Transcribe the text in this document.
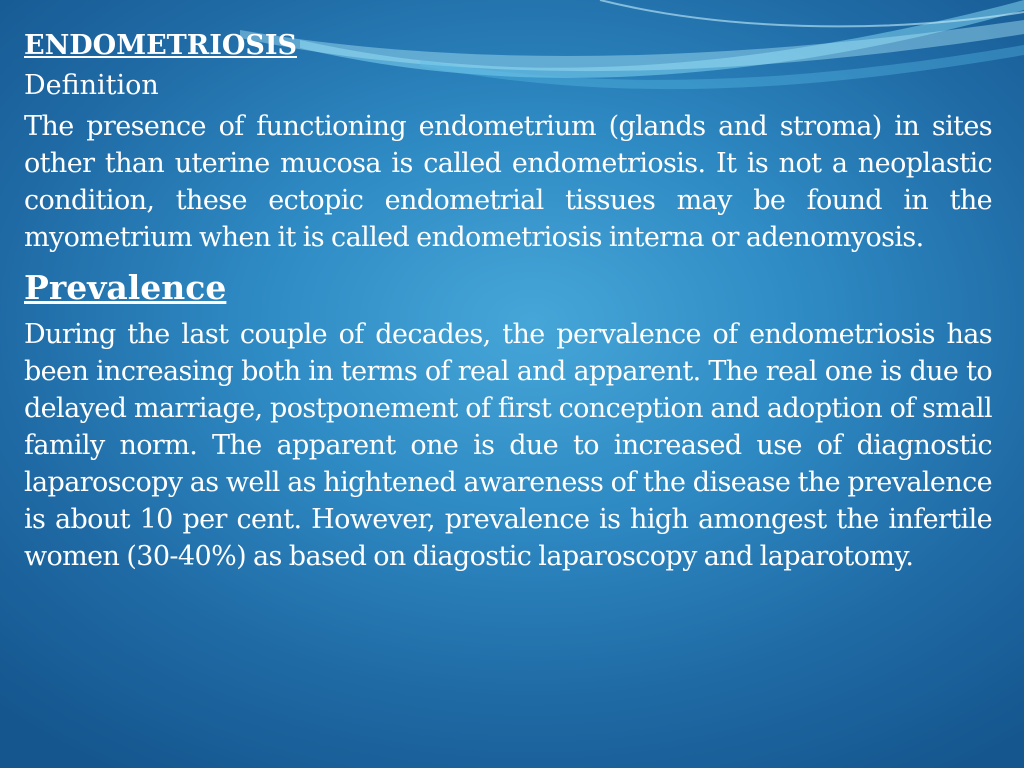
ENDOMETRIOSIS
Definition

The presence of functioning endometrium (glands and stroma) in sites other than uterine mucosa is called endometriosis. It is not a neoplastic condition, these ectopic endometrial tissues may be found in the myometrium when it is called endometriosis interna or adenomyosis.

Prevalence

During the last couple of decades, the pervalence of endometriosis has been increasing both in terms of real and apparent. The real one is due to delayed marriage, postponement of first conception and adoption of small family norm. The apparent one is due to increased use of diagnostic laparoscopy as well as hightened awareness of the disease the prevalence is about 10 per cent. However, prevalence is high amongest the infertile women (30-40%) as based on diagostic laparoscopy and laparotomy.
